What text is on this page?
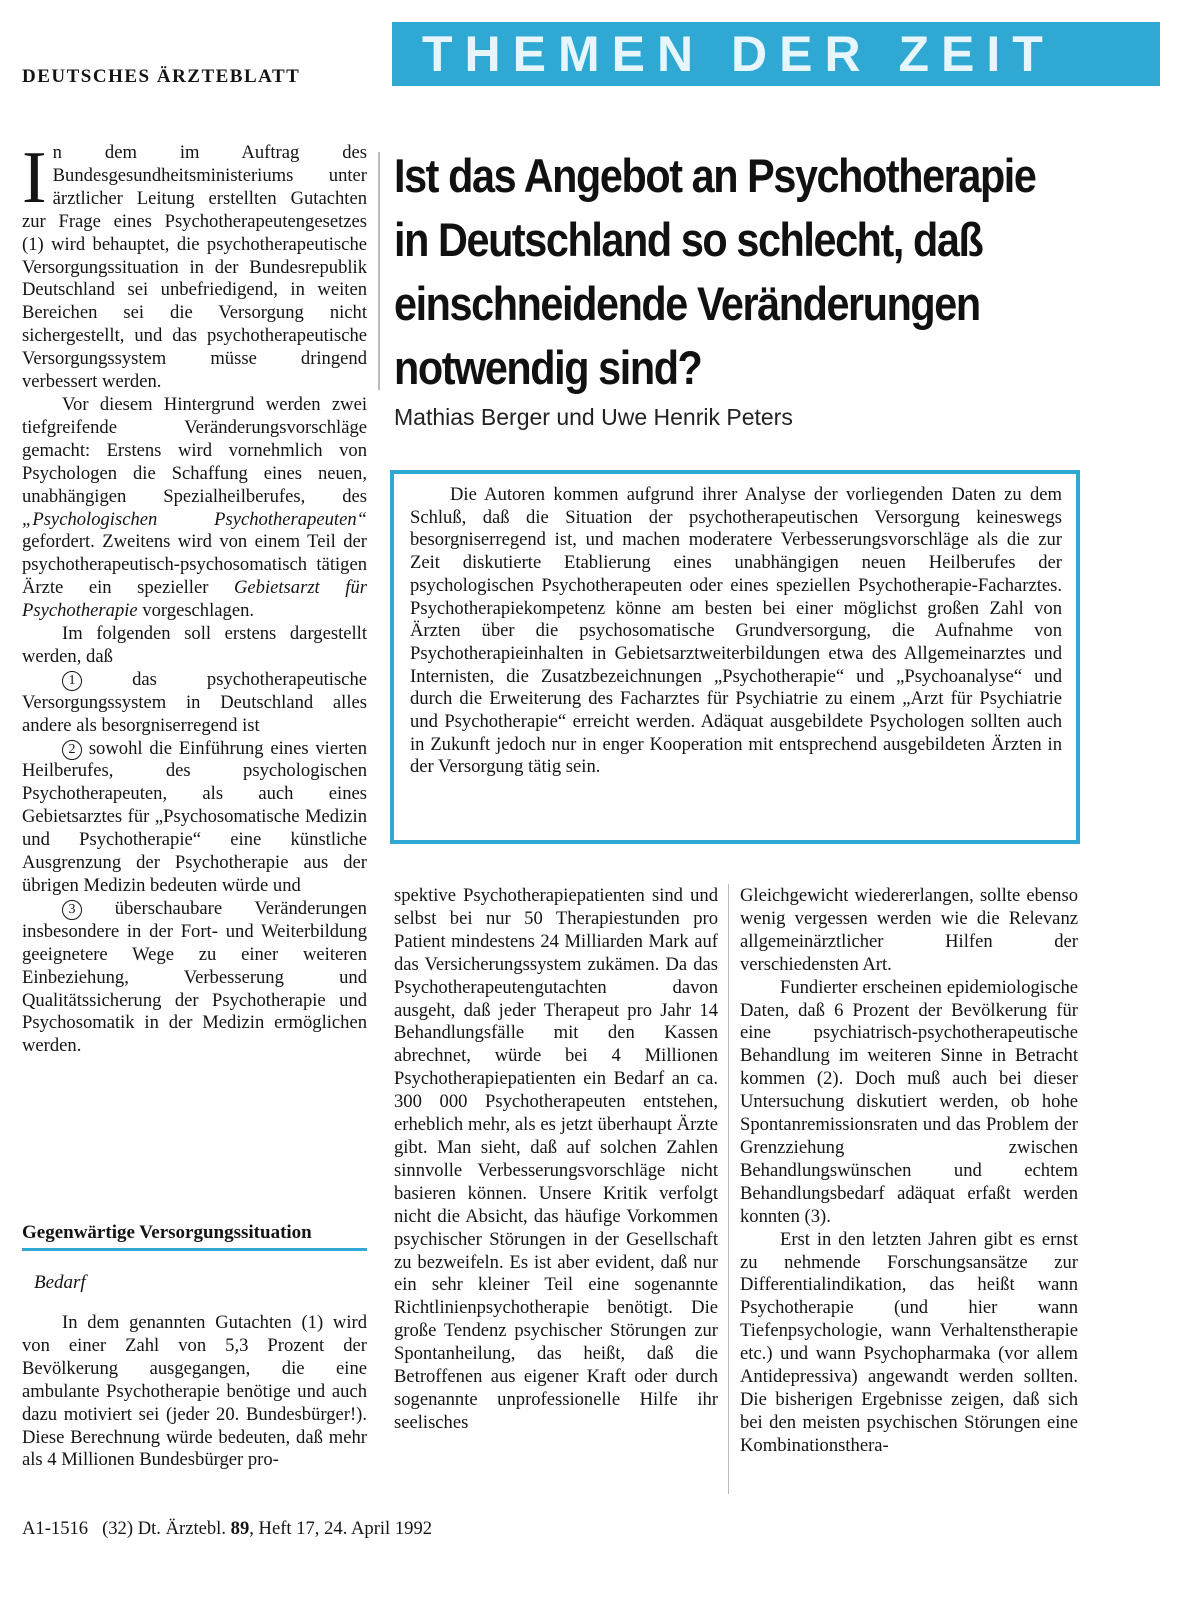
DEUTSCHES ÄRZTEBLATT THEMEN DER ZEIT

In dem im Auftrag des Bundesgesundheitsministeriums unter ärztlicher Leitung erstellten Gutachten zur Frage eines Psychotherapeutengesetzes (1) wird behauptet, die psychotherapeutische Versorgungssituation in der Bundesrepublik Deutschland sei unbefriedigend, in weiten Bereichen sei die Versorgung nicht sichergestellt, und das psychotherapeutische Versorgungssystem müsse dringend verbessert werden.

Vor diesem Hintergrund werden zwei tiefgreifende Veränderungsvorschläge gemacht: Erstens wird vornehmlich von Psychologen die Schaffung eines neuen, unabhängigen Spezialheilberufes, des „Psychologischen Psychotherapeuten“ gefordert. Zweitens wird von einem Teil der psychotherapeutisch-psychosomatisch tätigen Ärzte ein spezieller Gebietsarzt für Psychotherapie vorgeschlagen.

Im folgenden soll erstens dargestellt werden, daß

1	das psychotherapeutische Versorgungssystem in Deutschland alles andere als besorgniserregend ist

2 sowohl die Einführung eines vierten Heilberufes, des psychologischen Psychotherapeuten, als auch eines Gebietsarztes für „Psychosomatische Medizin und Psychotherapie“ eine künstliche Ausgrenzung der Psychotherapie aus der übrigen Medizin bedeuten würde und

3 überschaubare Veränderungen insbesondere in der Fort- und Weiterbildung geeignetere Wege zu einer weiteren Einbeziehung, Verbesserung und Qualitätssicherung der Psychotherapie und Psychosomatik in der Medizin ermöglichen werden.

Gegenwärtige Versorgungssituation
Bedarf

In dem genannten Gutachten (1) wird von einer Zahl von 5,3 Prozent der Bevölkerung ausgegangen, die eine ambulante Psychotherapie benötige und auch dazu motiviert sei (jeder 20. Bundesbürger!). Diese Berechnung würde bedeuten, daß mehr als 4 Millionen Bundesbürger pro-

Ist das Angebot an Psychotherapie in Deutschland so schlecht, daß einschneidende Veränderungen notwendig sind?
Mathias Berger und Uwe Henrik Peters
Die Autoren kommen aufgrund ihrer Analyse der vorliegenden Daten zu dem Schluß, daß die Situation der psychotherapeutischen Versorgung keineswegs besorgniserregend ist, und machen moderatere Verbesserungsvorschläge als die zur Zeit diskutierte Etablierung eines unabhängigen neuen Heilberufes der psychologischen Psychotherapeuten oder eines speziellen Psychotherapie-Facharztes. Psychotherapiekompetenz könne am besten bei einer möglichst großen Zahl von Ärzten über die psychosomatische Grundversorgung, die Aufnahme von Psychotherapieinhalten in Gebietsarztweiterbildungen etwa des Allgemeinarztes und Internisten, die Zusatzbezeichnungen „Psychotherapie“ und „Psychoanalyse“ und durch die Erweiterung des Facharztes für Psychiatrie zu einem „Arzt für Psychiatrie und Psychotherapie“ erreicht werden. Adäquat ausgebildete Psychologen sollten auch in Zukunft jedoch nur in enger Kooperation mit entsprechend ausgebildeten Ärzten in der Versorgung tätig sein.

spektive Psychotherapiepatienten sind und selbst bei nur 50 Therapiestunden pro Patient mindestens 24 Milliarden Mark auf das Versicherungssystem zukämen. Da das Psychotherapeutengutachten davon ausgeht, daß jeder Therapeut pro Jahr 14 Behandlungsfälle mit den Kassen abrechnet, würde bei 4 Millionen Psychotherapiepatienten ein Bedarf an ca. 300 000 Psychotherapeuten entstehen, erheblich mehr, als es jetzt überhaupt Ärzte gibt. Man sieht, daß auf solchen Zahlen sinnvolle Verbesserungsvorschläge nicht basieren können. Unsere Kritik verfolgt nicht die Absicht, das häufige Vorkommen psychischer Störungen in der Gesellschaft zu bezweifeln. Es ist aber evident, daß nur ein sehr kleiner Teil eine sogenannte Richtlinienpsychotherapie benötigt. Die große Tendenz psychischer Störungen zur Spontanheilung, das heißt, daß die Betroffenen aus eigener Kraft oder durch sogenannte unprofessionelle Hilfe ihr seelisches

Gleichgewicht wiedererlangen, sollte ebenso wenig vergessen werden wie die Relevanz allgemeinärztlicher Hilfen der verschiedensten Art.

Fundierter erscheinen epidemiologische Daten, daß 6 Prozent der Bevölkerung für eine psychiatrisch-psychotherapeutische Behandlung im weiteren Sinne in Betracht kommen (2). Doch muß auch bei dieser Untersuchung diskutiert werden, ob hohe Spontanremissionsraten und das Problem der Grenzziehung zwischen Behandlungswünschen und echtem Behandlungsbedarf adäquat erfaßt werden konnten (3).

Erst in den letzten Jahren gibt es ernst zu nehmende Forschungsansätze zur Differentialindikation, das heißt wann Psychotherapie (und hier wann Tiefenpsychologie, wann Verhaltenstherapie etc.) und wann Psychopharmaka (vor allem Antidepressiva) angewandt werden sollten. Die bisherigen Ergebnisse zeigen, daß sich bei den meisten psychischen Störungen eine Kombinationsthera-

A1-1516 (32) Dt. Ärztebl. 89, Heft 17, 24. April 1992
